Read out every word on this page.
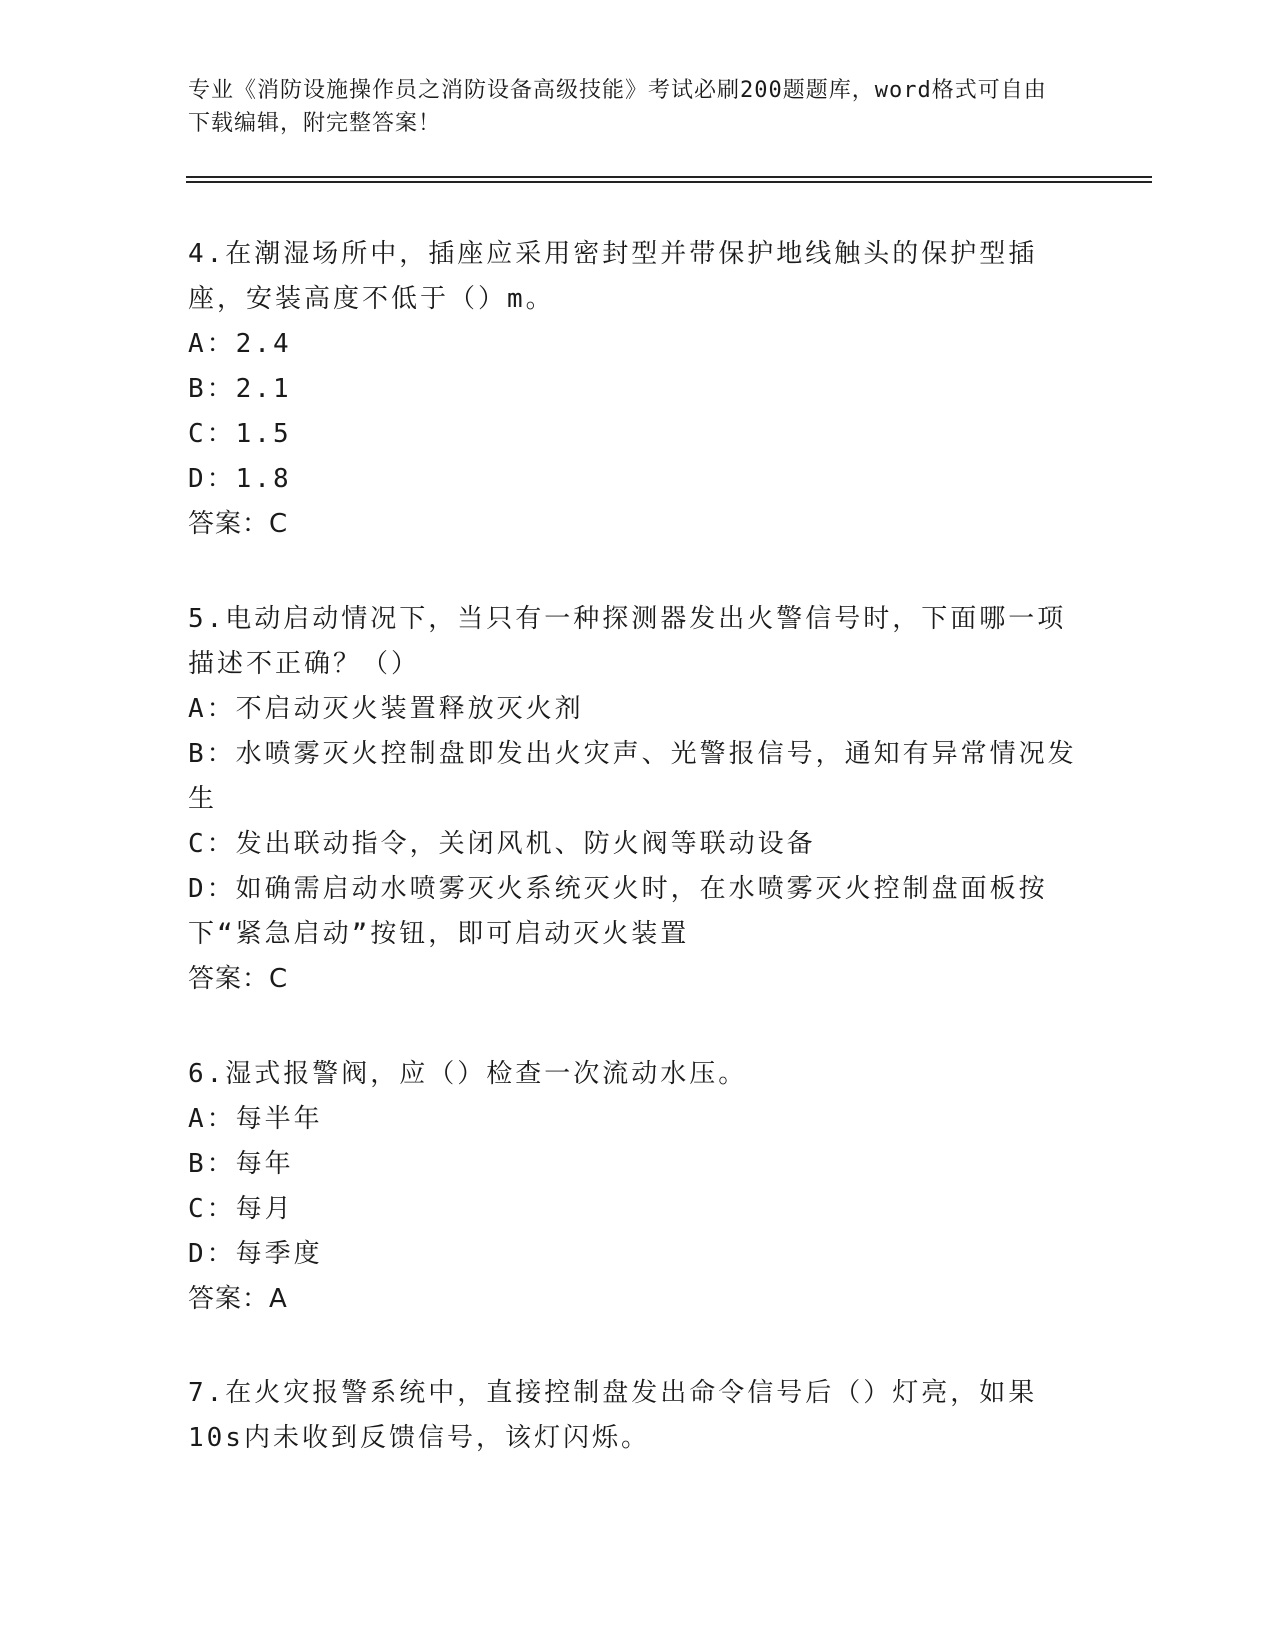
专业《消防设施操作员之消防设备高级技能》考试必刷200题题库，word格式可自由下载编辑，附完整答案！
4.在潮湿场所中，插座应采用密封型并带保护地线触头的保护型插座，安装高度不低于（）m。
A：2.4
B：2.1
C：1.5
D：1.8
答案：C
5.电动启动情况下，当只有一种探测器发出火警信号时，下面哪一项描述不正确？（）
A：不启动灭火装置释放灭火剂
B：水喷雾灭火控制盘即发出火灾声、光警报信号，通知有异常情况发生
C：发出联动指令，关闭风机、防火阀等联动设备
D：如确需启动水喷雾灭火系统灭火时，在水喷雾灭火控制盘面板按下“紧急启动”按钮，即可启动灭火装置
答案：C
6.湿式报警阀，应（）检查一次流动水压。
A：每半年
B：每年
C：每月
D：每季度
答案：A
7.在火灾报警系统中，直接控制盘发出命令信号后（）灯亮，如果10s内未收到反馈信号，该灯闪烁。
